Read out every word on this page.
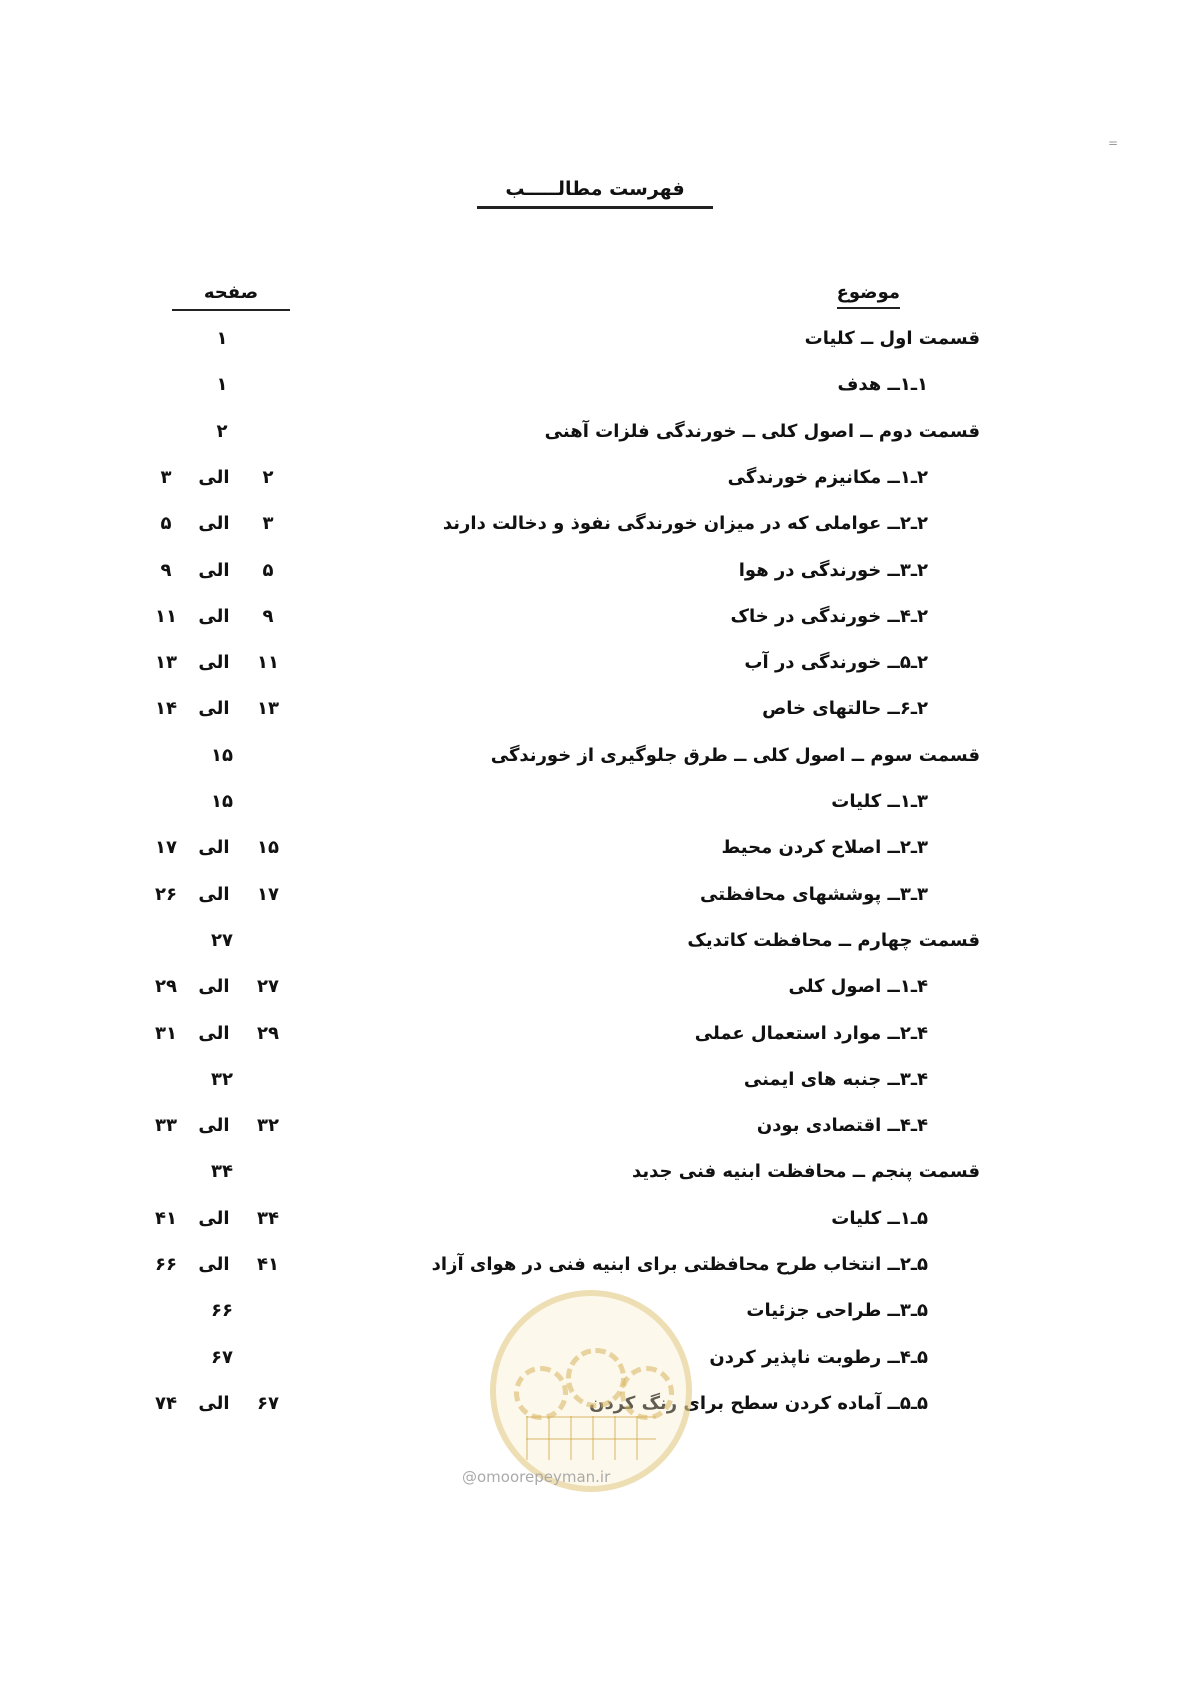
فهرست مطالـــــب
موضوع
صفحه
قسمت اول ــ کلیات
۱
۱ـ۱ــ هدف
۱
قسمت دوم ــ اصول کلی ــ خورندگی فلزات آهنی
۲
۲ـ۱ــ مکانیزم خورندگی
۲
الی
۳
۲ـ۲ــ عواملی که در میزان خورندگی نفوذ و دخالت دارند
۳
الی
۵
۲ـ۳ــ خورندگی در هوا
۵
الی
۹
۲ـ۴ــ خورندگی در خاک
۹
الی
۱۱
۲ـ۵ــ خورندگی در آب
۱۱
الی
۱۳
۲ـ۶ــ حالتهای خاص
۱۳
الی
۱۴
قسمت سوم ــ اصول کلی ــ طرق جلوگیری از خورندگی
۱۵
۳ـ۱ــ کلیات
۱۵
۳ـ۲ــ اصلاح کردن محیط
۱۵
الی
۱۷
۳ـ۳ــ پوششهای محافظتی
۱۷
الی
۲۶
قسمت چهارم ــ محافظت کاتدیک
۲۷
۴ـ۱ــ اصول کلی
۲۷
الی
۲۹
۴ـ۲ــ موارد استعمال عملی
۲۹
الی
۳۱
۴ـ۳ــ جنبه های ایمنی
۳۲
۴ـ۴ــ اقتصادی بودن
۳۲
الی
۳۳
قسمت پنجم ــ محافظت ابنیه فنی جدید
۳۴
۵ـ۱ــ کلیات
۳۴
الی
۴۱
۵ـ۲ــ انتخاب طرح محافظتی برای ابنیه فنی در هوای آزاد
۴۱
الی
۶۶
۵ـ۳ــ طراحی جزئیات
۶۶
۵ـ۴ــ رطوبت ناپذیر کردن
۶۷
۵ـ۵ــ آماده کردن سطح برای رنگ کردن
۶۷
الی
۷۴
@omoorepeyman.ir
=
